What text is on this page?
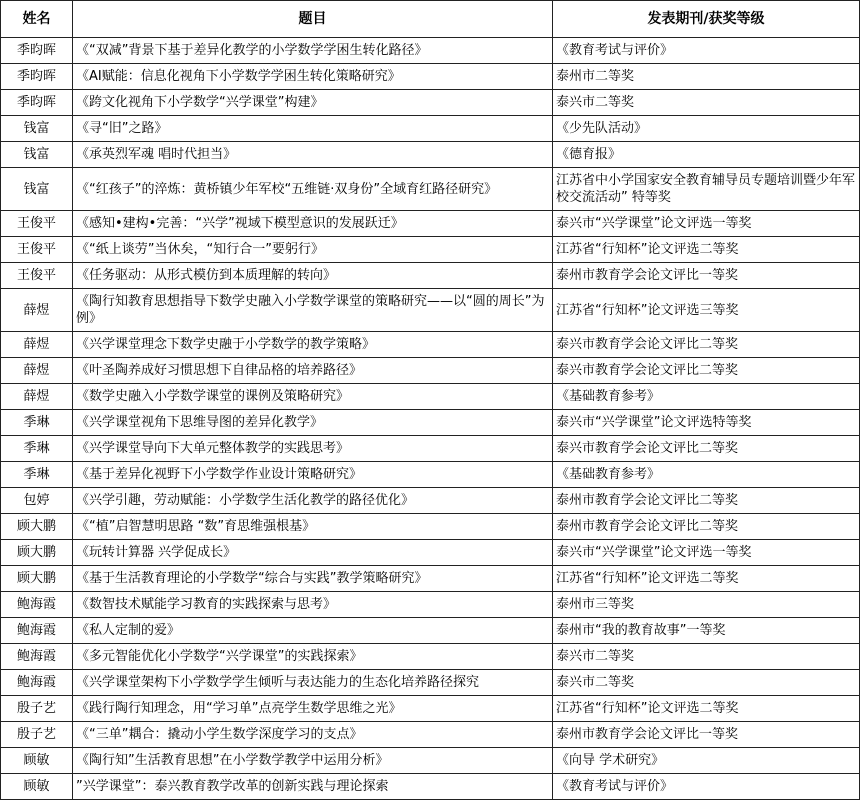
姓名	题目	发表期刊/获奖等级
季昀晖	《“双减”背景下基于差异化教学的小学数学学困生转化路径》	《教育考试与评价》
季昀晖	《AI赋能：信息化视角下小学数学学困生转化策略研究》	泰州市二等奖
季昀晖	《跨文化视角下小学数学“兴学课堂”构建》	泰兴市二等奖
钱富	《寻“旧”之路》	《少先队活动》
钱富	《承英烈军魂 唱时代担当》	《德育报》
钱富	《“红孩子”的淬炼：黄桥镇少年军校“五维链·双身份”全域育红路径研究》	江苏省中小学国家安全教育辅导员专题培训暨少年军校交流活动” 特等奖
王俊平	《感知•建构•完善：“兴学”视域下模型意识的发展跃迁》	泰兴市“兴学课堂”论文评选一等奖
王俊平	《“纸上谈劳”当休矣，“知行合一”要躬行》	江苏省“行知杯”论文评选二等奖
王俊平	《任务驱动：从形式模仿到本质理解的转向》	泰州市教育学会论文评比一等奖
薛煜	《陶行知教育思想指导下数学史融入小学数学课堂的策略研究——以“圆的周长”为例》	江苏省“行知杯”论文评选三等奖
薛煜	《兴学课堂理念下数学史融于小学数学的教学策略》	泰兴市教育学会论文评比二等奖
薛煜	《叶圣陶养成好习惯思想下自律品格的培养路径》	泰兴市教育学会论文评比二等奖
薛煜	《数学史融入小学数学课堂的课例及策略研究》	《基础教育参考》
季琳	《兴学课堂视角下思维导图的差异化教学》	泰兴市“兴学课堂”论文评选特等奖
季琳	《兴学课堂导向下大单元整体教学的实践思考》	泰兴市教育学会论文评比二等奖
季琳	《基于差异化视野下小学数学作业设计策略研究》	《基础教育参考》
包婷	《兴学引趣，劳动赋能：小学数学生活化教学的路径优化》	泰州市教育学会论文评比二等奖
顾大鹏	《“植”启智慧明思路 “数”育思维强根基》	泰州市教育学会论文评比二等奖
顾大鹏	《玩转计算器 兴学促成长》	泰兴市“兴学课堂”论文评选一等奖
顾大鹏	《基于生活教育理论的小学数学“综合与实践”教学策略研究》	江苏省“行知杯”论文评选二等奖
鲍海霞	《数智技术赋能学习教育的实践探索与思考》	泰州市三等奖
鲍海霞	《私人定制的爱》	泰州市“我的教育故事”一等奖
鲍海霞	《多元智能优化小学数学“兴学课堂”的实践探索》	泰兴市二等奖
鲍海霞	《兴学课堂架构下小学数学学生倾听与表达能力的生态化培养路径探究	泰兴市二等奖
殷子艺	《践行陶行知理念，用“学习单”点亮学生数学思维之光》	江苏省“行知杯”论文评选二等奖
殷子艺	《“三单”耦合：撬动小学生数学深度学习的支点》	泰州市教育学会论文评比一等奖
顾敏	《陶行知”生活教育思想”在小学数学教学中运用分析》	《向导 学术研究》
顾敏	”兴学课堂”：泰兴教育教学改革的创新实践与理论探索	《教育考试与评价》
